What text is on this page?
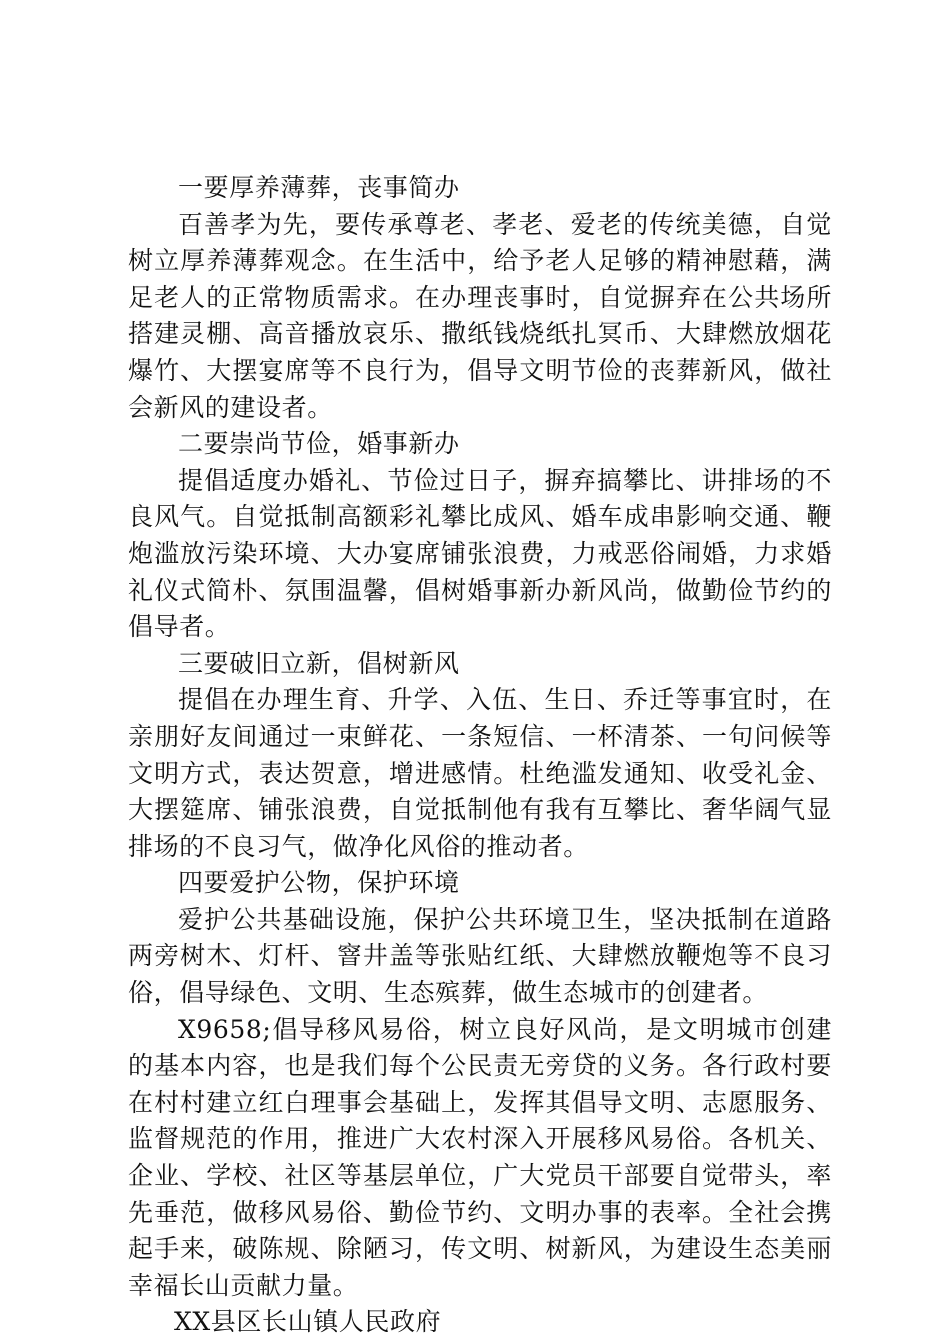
一要厚养薄葬，丧事简办

百善孝为先，要传承尊老、孝老、爱老的传统美德，自觉树立厚养薄葬观念。在生活中，给予老人足够的精神慰藉，满足老人的正常物质需求。在办理丧事时，自觉摒弃在公共场所搭建灵棚、高音播放哀乐、撒纸钱烧纸扎冥币、大肆燃放烟花爆竹、大摆宴席等不良行为，倡导文明节俭的丧葬新风，做社会新风的建设者。

二要崇尚节俭，婚事新办

提倡适度办婚礼、节俭过日子，摒弃搞攀比、讲排场的不良风气。自觉抵制高额彩礼攀比成风、婚车成串影响交通、鞭炮滥放污染环境、大办宴席铺张浪费，力戒恶俗闹婚，力求婚礼仪式简朴、氛围温馨，倡树婚事新办新风尚，做勤俭节约的倡导者。

三要破旧立新，倡树新风

提倡在办理生育、升学、入伍、生日、乔迁等事宜时，在亲朋好友间通过一束鲜花、一条短信、一杯清茶、一句问候等文明方式，表达贺意，增进感情。杜绝滥发通知、收受礼金、大摆筵席、铺张浪费，自觉抵制他有我有互攀比、奢华阔气显排场的不良习气，做净化风俗的推动者。

四要爱护公物，保护环境

爱护公共基础设施，保护公共环境卫生，坚决抵制在道路两旁树木、灯杆、窨井盖等张贴红纸、大肆燃放鞭炮等不良习俗，倡导绿色、文明、生态殡葬，做生态城市的创建者。

X9658;倡导移风易俗，树立良好风尚，是文明城市创建的基本内容，也是我们每个公民责无旁贷的义务。各行政村要在村村建立红白理事会基础上，发挥其倡导文明、志愿服务、监督规范的作用，推进广大农村深入开展移风易俗。各机关、企业、学校、社区等基层单位，广大党员干部要自觉带头，率先垂范，做移风易俗、勤俭节约、文明办事的表率。全社会携起手来，破陈规、除陋习，传文明、树新风，为建设生态美丽幸福长山贡献力量。

XX县区长山镇人民政府
